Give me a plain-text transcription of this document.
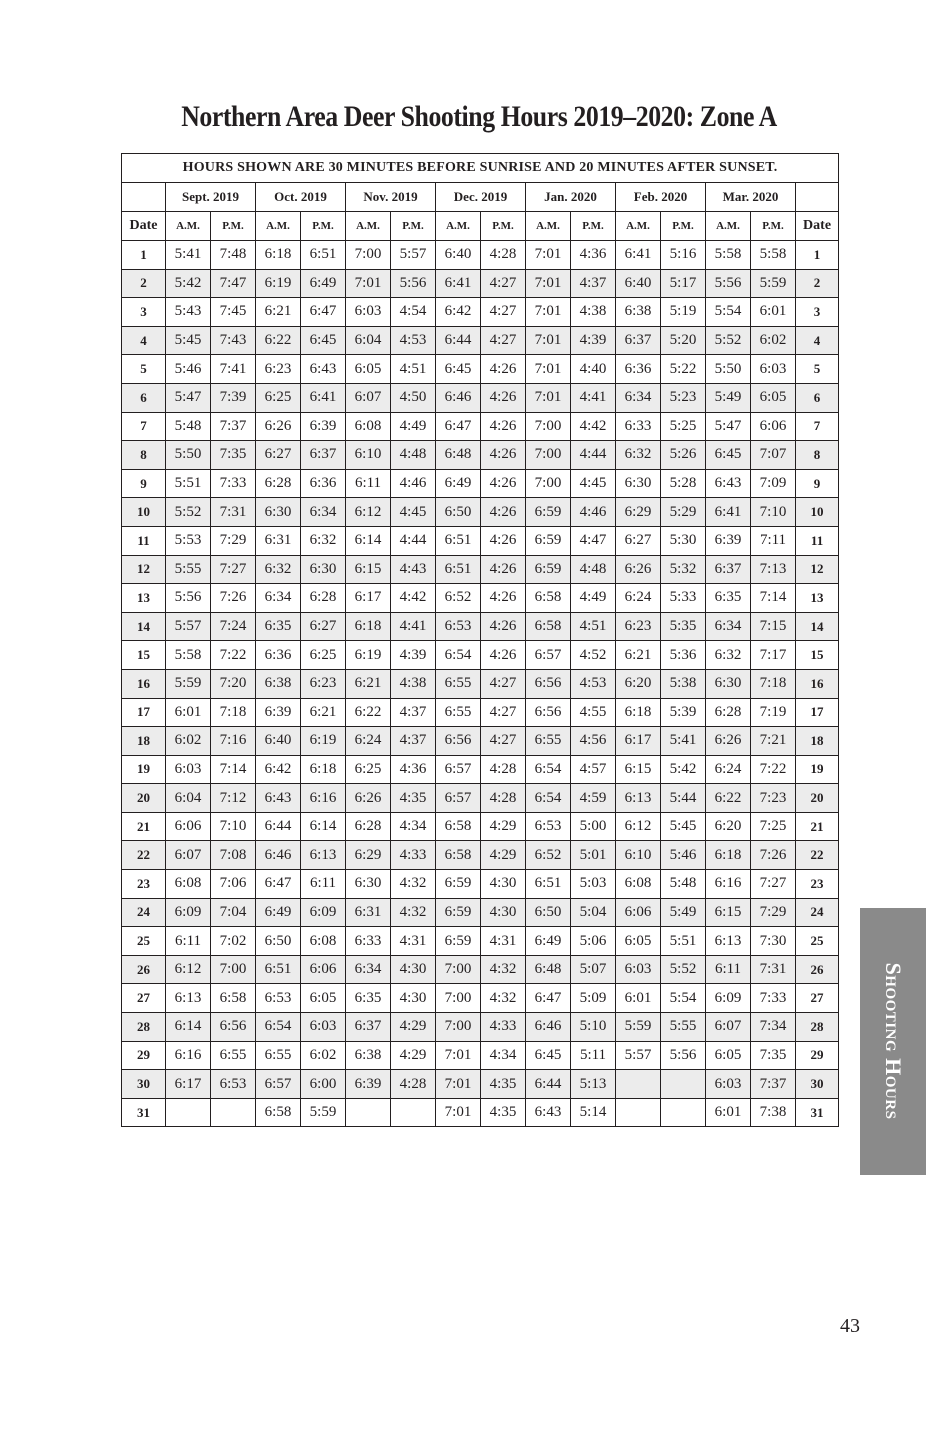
Northern Area Deer Shooting Hours 2019–2020: Zone A
HOURS SHOWN ARE 30 MINUTES BEFORE SUNRISE AND 20 MINUTES AFTER SUNSET.															
	Sept. 2019		Oct. 2019		Nov. 2019		Dec. 2019		Jan. 2020		Feb. 2020		Mar. 2020		
Date	A.M.	P.M.	A.M.	P.M.	A.M.	P.M.	A.M.	P.M.	A.M.	P.M.	A.M.	P.M.	A.M.	P.M.	Date
1	5:41	7:48	6:18	6:51	7:00	5:57	6:40	4:28	7:01	4:36	6:41	5:16	5:58	5:58	1
2	5:42	7:47	6:19	6:49	7:01	5:56	6:41	4:27	7:01	4:37	6:40	5:17	5:56	5:59	2
3	5:43	7:45	6:21	6:47	6:03	4:54	6:42	4:27	7:01	4:38	6:38	5:19	5:54	6:01	3
4	5:45	7:43	6:22	6:45	6:04	4:53	6:44	4:27	7:01	4:39	6:37	5:20	5:52	6:02	4
5	5:46	7:41	6:23	6:43	6:05	4:51	6:45	4:26	7:01	4:40	6:36	5:22	5:50	6:03	5
6	5:47	7:39	6:25	6:41	6:07	4:50	6:46	4:26	7:01	4:41	6:34	5:23	5:49	6:05	6
7	5:48	7:37	6:26	6:39	6:08	4:49	6:47	4:26	7:00	4:42	6:33	5:25	5:47	6:06	7
8	5:50	7:35	6:27	6:37	6:10	4:48	6:48	4:26	7:00	4:44	6:32	5:26	6:45	7:07	8
9	5:51	7:33	6:28	6:36	6:11	4:46	6:49	4:26	7:00	4:45	6:30	5:28	6:43	7:09	9
10	5:52	7:31	6:30	6:34	6:12	4:45	6:50	4:26	6:59	4:46	6:29	5:29	6:41	7:10	10
11	5:53	7:29	6:31	6:32	6:14	4:44	6:51	4:26	6:59	4:47	6:27	5:30	6:39	7:11	11
12	5:55	7:27	6:32	6:30	6:15	4:43	6:51	4:26	6:59	4:48	6:26	5:32	6:37	7:13	12
13	5:56	7:26	6:34	6:28	6:17	4:42	6:52	4:26	6:58	4:49	6:24	5:33	6:35	7:14	13
14	5:57	7:24	6:35	6:27	6:18	4:41	6:53	4:26	6:58	4:51	6:23	5:35	6:34	7:15	14
15	5:58	7:22	6:36	6:25	6:19	4:39	6:54	4:26	6:57	4:52	6:21	5:36	6:32	7:17	15
16	5:59	7:20	6:38	6:23	6:21	4:38	6:55	4:27	6:56	4:53	6:20	5:38	6:30	7:18	16
17	6:01	7:18	6:39	6:21	6:22	4:37	6:55	4:27	6:56	4:55	6:18	5:39	6:28	7:19	17
18	6:02	7:16	6:40	6:19	6:24	4:37	6:56	4:27	6:55	4:56	6:17	5:41	6:26	7:21	18
19	6:03	7:14	6:42	6:18	6:25	4:36	6:57	4:28	6:54	4:57	6:15	5:42	6:24	7:22	19
20	6:04	7:12	6:43	6:16	6:26	4:35	6:57	4:28	6:54	4:59	6:13	5:44	6:22	7:23	20
21	6:06	7:10	6:44	6:14	6:28	4:34	6:58	4:29	6:53	5:00	6:12	5:45	6:20	7:25	21
22	6:07	7:08	6:46	6:13	6:29	4:33	6:58	4:29	6:52	5:01	6:10	5:46	6:18	7:26	22
23	6:08	7:06	6:47	6:11	6:30	4:32	6:59	4:30	6:51	5:03	6:08	5:48	6:16	7:27	23
24	6:09	7:04	6:49	6:09	6:31	4:32	6:59	4:30	6:50	5:04	6:06	5:49	6:15	7:29	24
25	6:11	7:02	6:50	6:08	6:33	4:31	6:59	4:31	6:49	5:06	6:05	5:51	6:13	7:30	25
26	6:12	7:00	6:51	6:06	6:34	4:30	7:00	4:32	6:48	5:07	6:03	5:52	6:11	7:31	26
27	6:13	6:58	6:53	6:05	6:35	4:30	7:00	4:32	6:47	5:09	6:01	5:54	6:09	7:33	27
28	6:14	6:56	6:54	6:03	6:37	4:29	7:00	4:33	6:46	5:10	5:59	5:55	6:07	7:34	28
29	6:16	6:55	6:55	6:02	6:38	4:29	7:01	4:34	6:45	5:11	5:57	5:56	6:05	7:35	29
30	6:17	6:53	6:57	6:00	6:39	4:28	7:01	4:35	6:44	5:13			6:03	7:37	30
31			6:58	5:59			7:01	4:35	6:43	5:14			6:01	7:38	31	Shooting Hours
43
